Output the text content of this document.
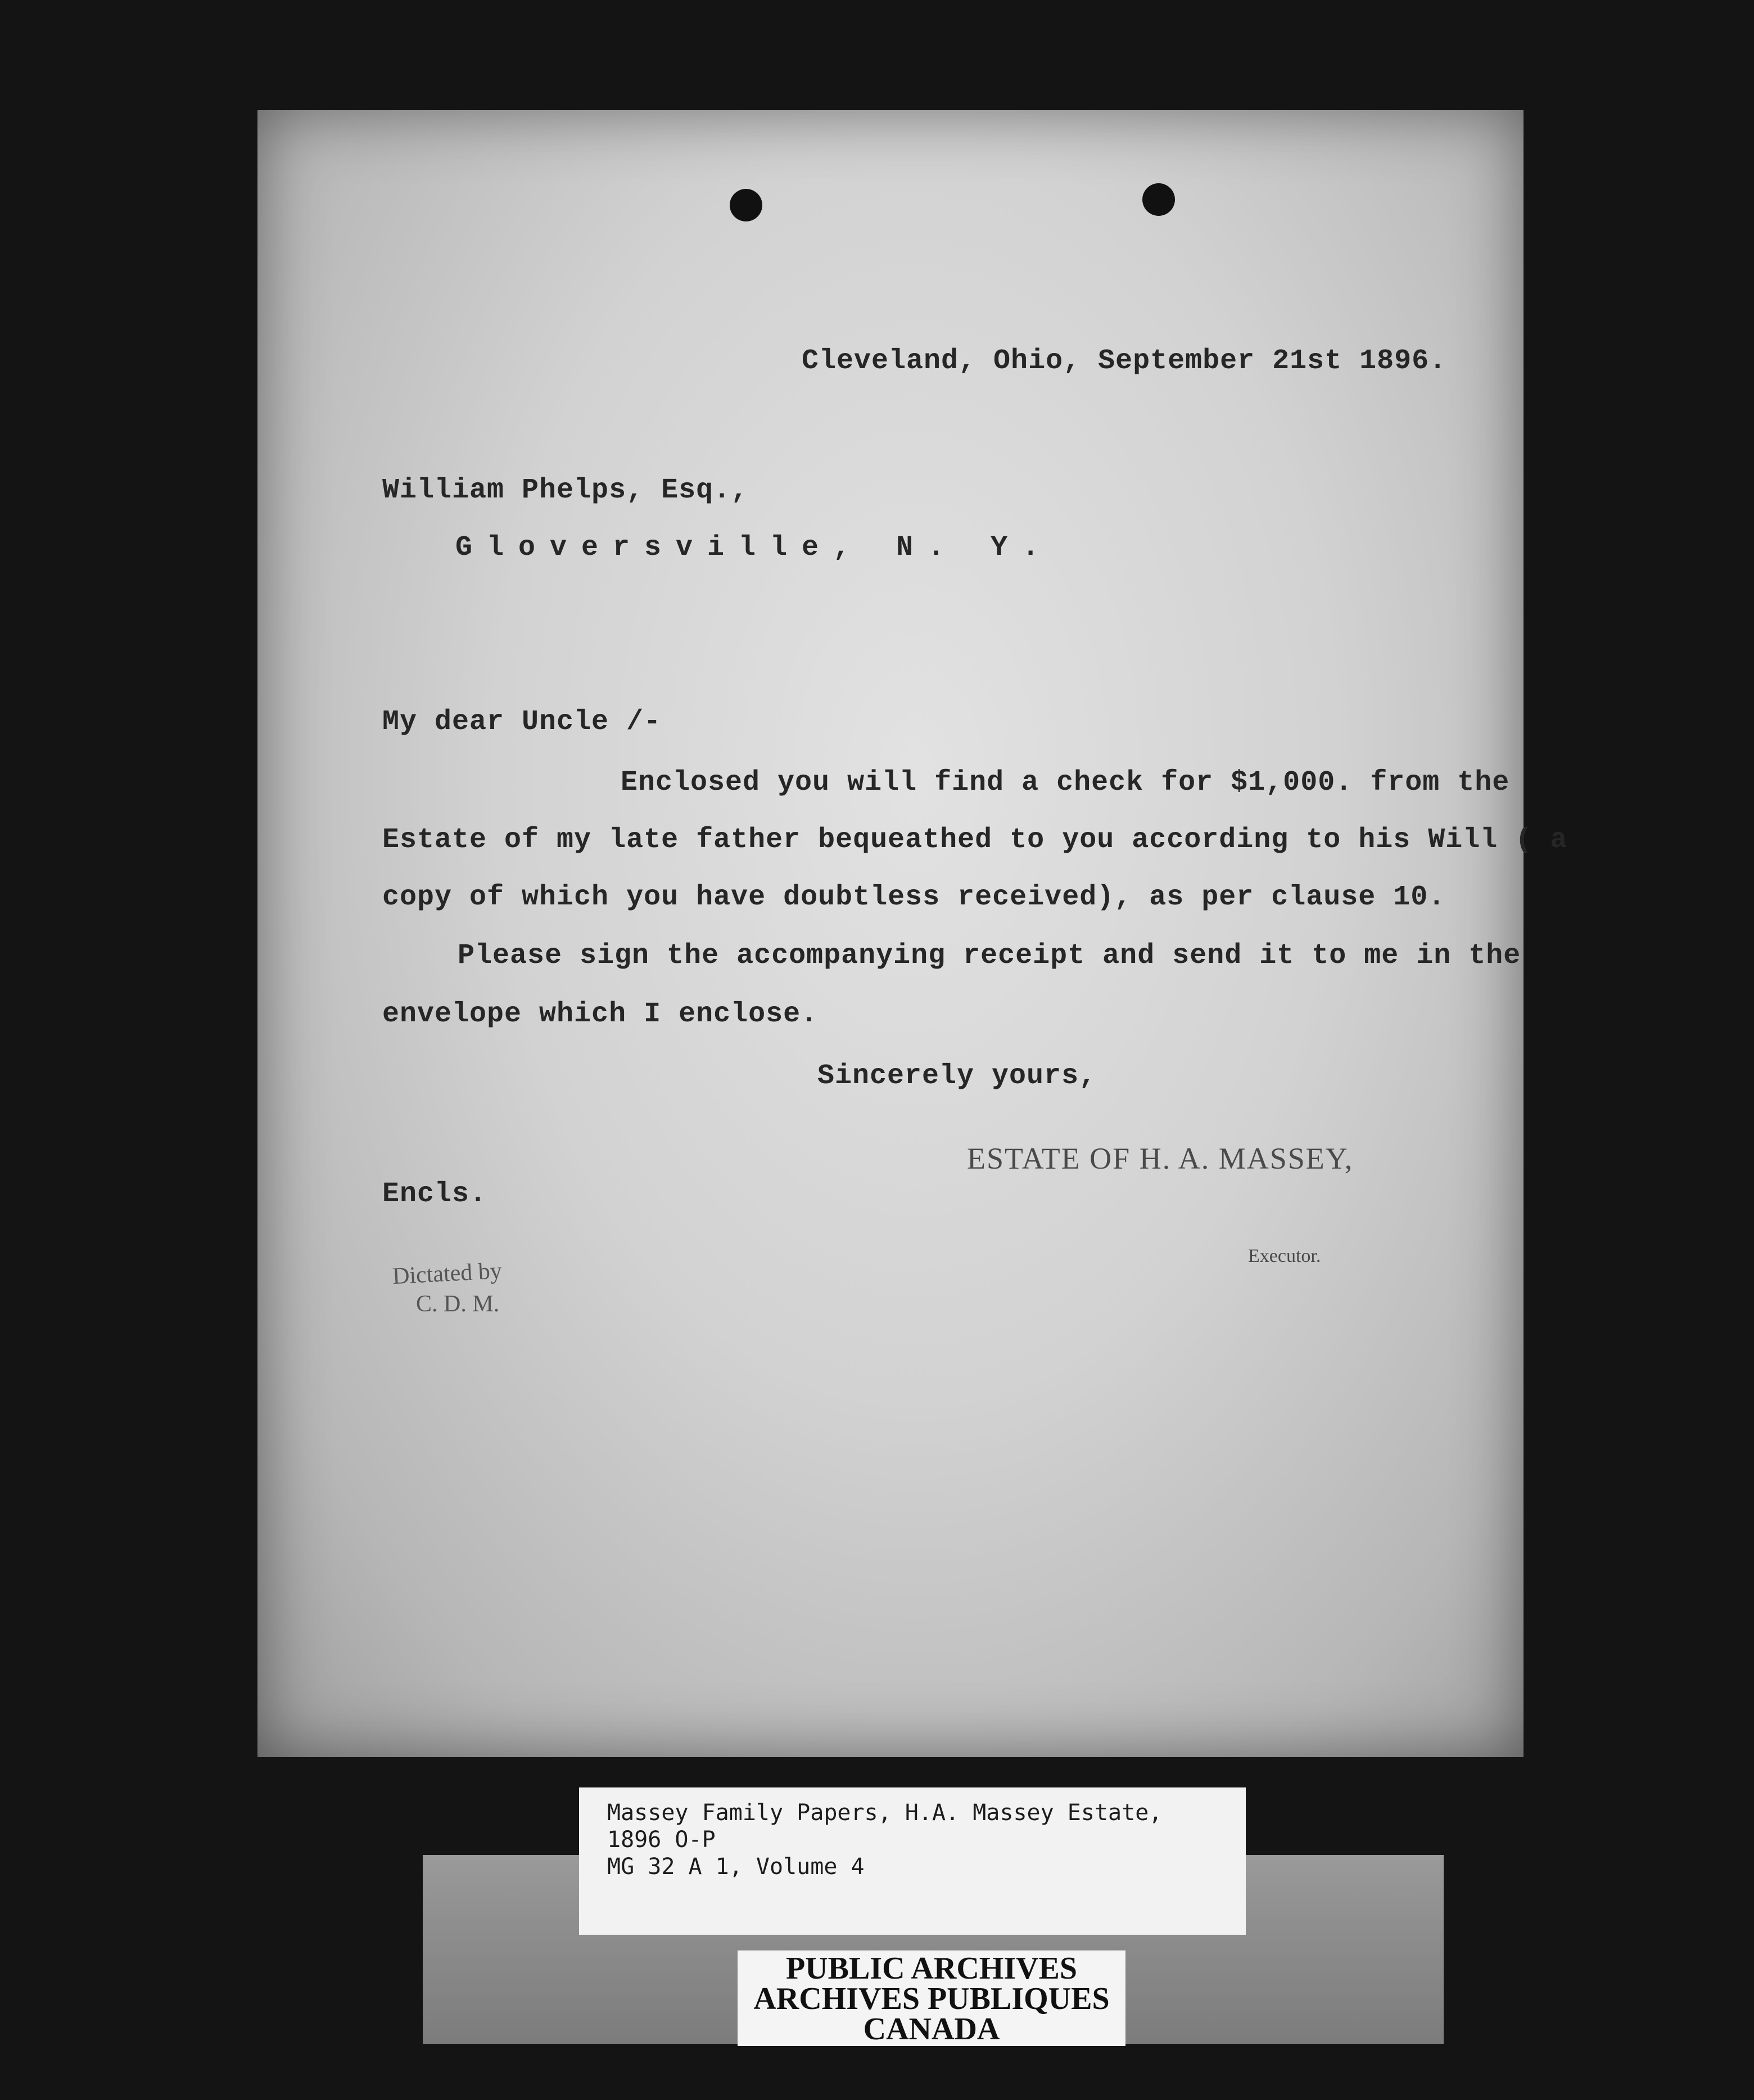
Cleveland, Ohio, September 21st 1896.
William Phelps, Esq.,
Gloversville, N. Y.
My dear Uncle /-
Enclosed you will find a check for $1,000. from the
Estate of my late father bequeathed to you according to his Will ( a
copy of which you have doubtless received), as per clause 10.
Please sign the accompanying receipt and send it to me in the
envelope which I enclose.
Sincerely yours,
ESTATE OF H. A. MASSEY,
Executor.
Encls.
Dictated by
C. D. M.
Massey Family Papers, H.A. Massey Estate,
1896 O-P
MG 32 A 1, Volume 4
PUBLIC ARCHIVES
ARCHIVES PUBLIQUES
CANADA
